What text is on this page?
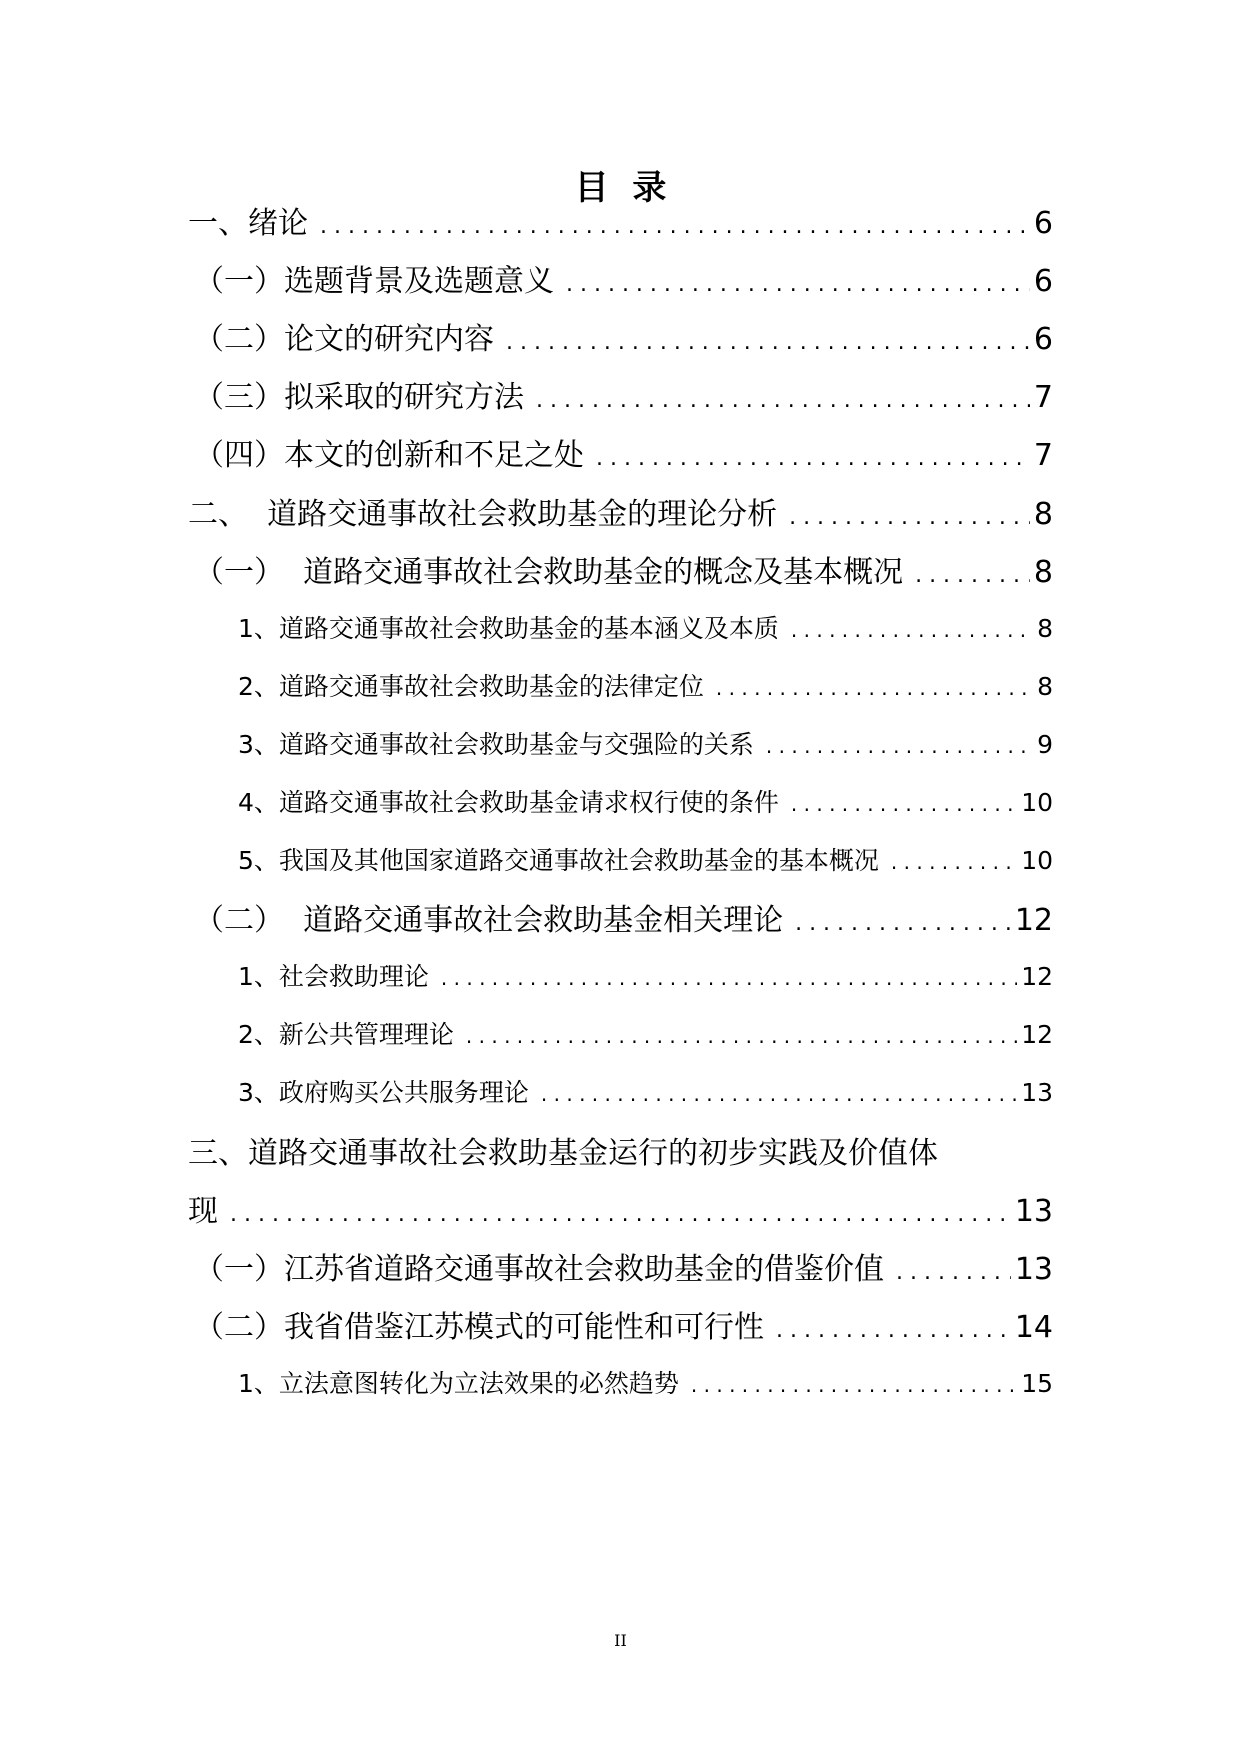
目  录
一、绪论 . . .	6
（一）选题背景及选题意义 . . .	6
（二）论文的研究内容 . . .	6
（三）拟采取的研究方法 . . .	7
（四）本文的创新和不足之处 . . .	7
二、  道路交通事故社会救助基金的理论分析 . . .	8
（一）  道路交通事故社会救助基金的概念及基本概况 . . .	8
1、道路交通事故社会救助基金的基本涵义及本质 . . .	8
2、道路交通事故社会救助基金的法律定位 . . .	8
3、道路交通事故社会救助基金与交强险的关系 . . .	9
4、道路交通事故社会救助基金请求权行使的条件 . . .	10
5、我国及其他国家道路交通事故社会救助基金的基本概况 . . .	10
（二）  道路交通事故社会救助基金相关理论 . . .	12
1、社会救助理论 . . .	12
2、新公共管理理论 . . .	12
3、政府购买公共服务理论 . . .	13
三、道路交通事故社会救助基金运行的初步实践及价值体
现 . . .	13
（一）江苏省道路交通事故社会救助基金的借鉴价值 . . .	13
（二）我省借鉴江苏模式的可能性和可行性 . . .	14
1、立法意图转化为立法效果的必然趋势 . . .	15
II
